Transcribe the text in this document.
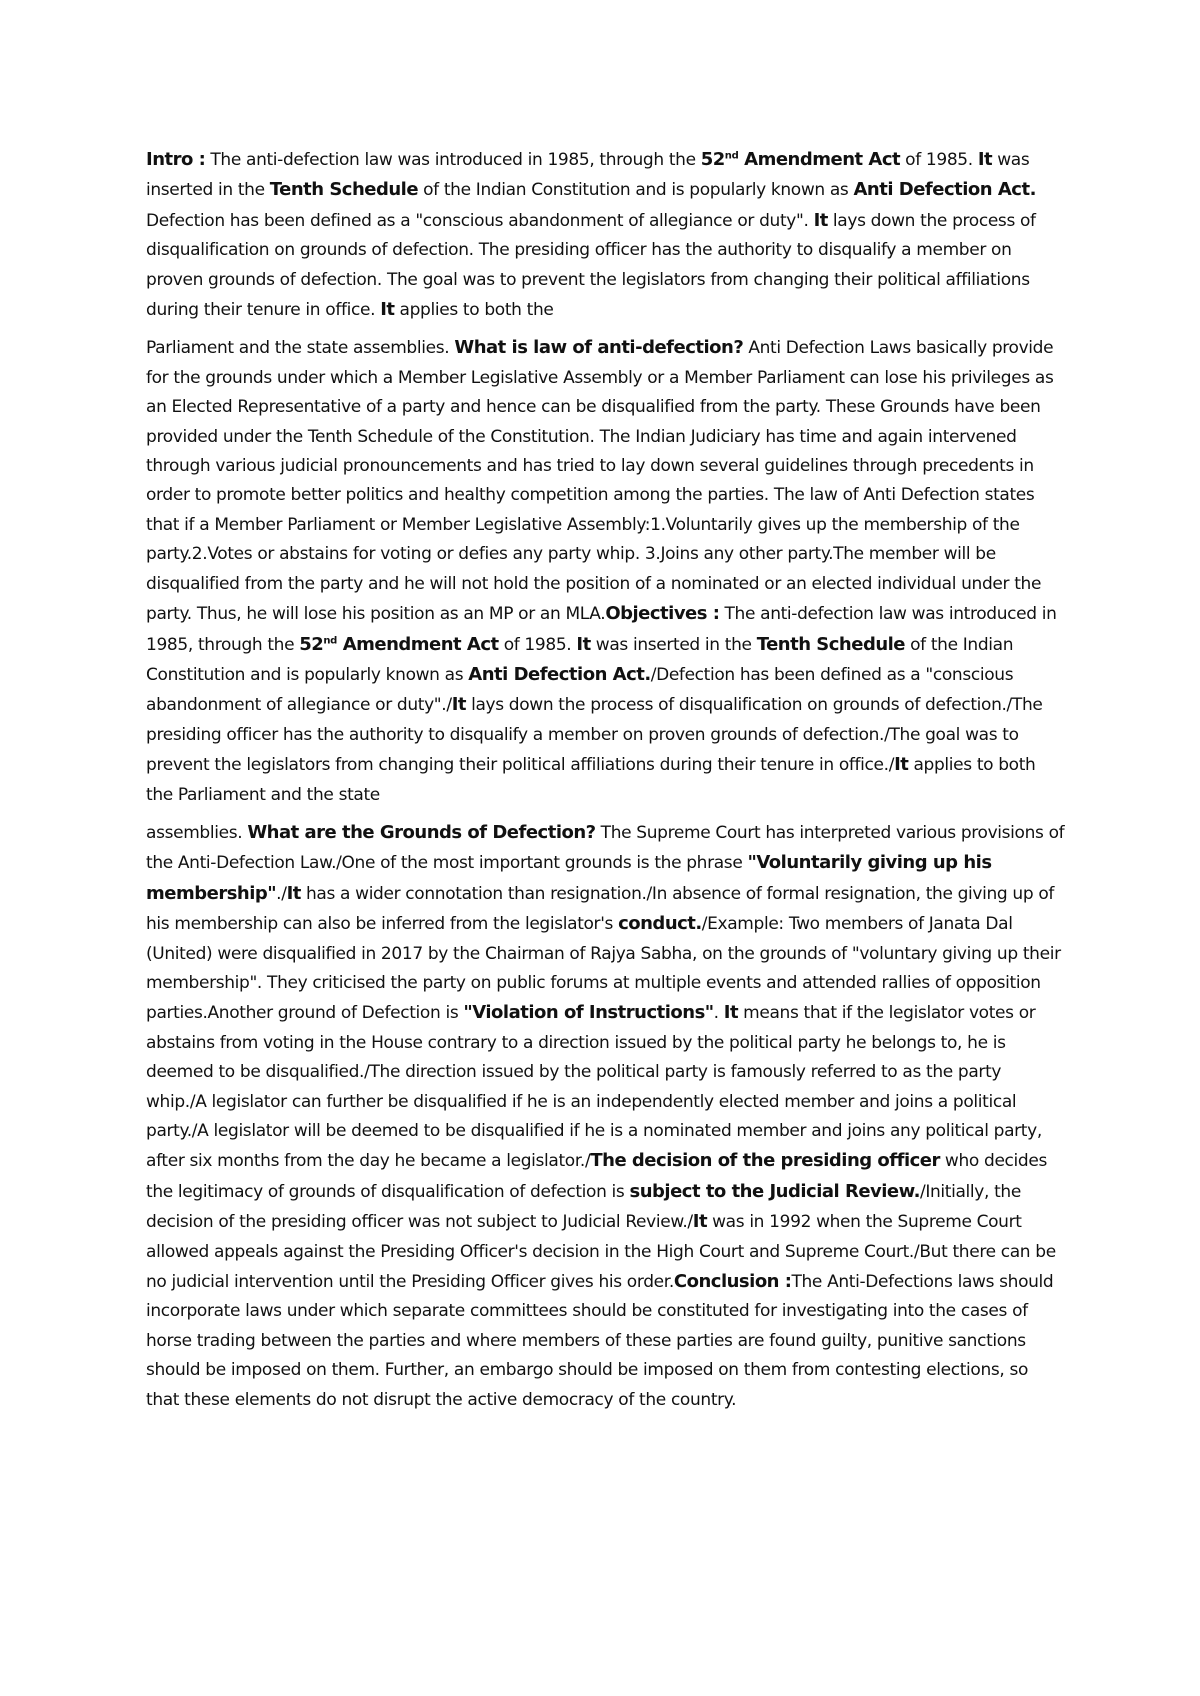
Intro : The anti-defection law was introduced in 1985, through the 52nd Amendment Act of 1985. It was inserted in the Tenth Schedule of the Indian Constitution and is popularly known as Anti Defection Act. Defection has been defined as a "conscious abandonment of allegiance or duty". It lays down the process of disqualification on grounds of defection. The presiding officer has the authority to disqualify a member on proven grounds of defection. The goal was to prevent the legislators from changing their political affiliations during their tenure in office. It applies to both the

Parliament and the state assemblies. What is law of anti-defection? Anti Defection Laws basically provide for the grounds under which a Member Legislative Assembly or a Member Parliament can lose his privileges as an Elected Representative of a party and hence can be disqualified from the party. These Grounds have been provided under the Tenth Schedule of the Constitution. The Indian Judiciary has time and again intervened through various judicial pronouncements and has tried to lay down several guidelines through precedents in order to promote better politics and healthy competition among the parties. The law of Anti Defection states that if a Member Parliament or Member Legislative Assembly:1.Voluntarily gives up the membership of the party.2.Votes or abstains for voting or defies any party whip. 3.Joins any other party.The member will be disqualified from the party and he will not hold the position of a nominated or an elected individual under the party. Thus, he will lose his position as an MP or an MLA.Objectives : The anti-defection law was introduced in 1985, through the 52nd Amendment Act of 1985. It was inserted in the Tenth Schedule of the Indian Constitution and is popularly known as Anti Defection Act./Defection has been defined as a "conscious abandonment of allegiance or duty"./It lays down the process of disqualification on grounds of defection./The presiding officer has the authority to disqualify a member on proven grounds of defection./The goal was to prevent the legislators from changing their political affiliations during their tenure in office./It applies to both the Parliament and the state

assemblies. What are the Grounds of Defection? The Supreme Court has interpreted various provisions of the Anti-Defection Law./One of the most important grounds is the phrase "Voluntarily giving up his membership"./It has a wider connotation than resignation./In absence of formal resignation, the giving up of his membership can also be inferred from the legislator's conduct./Example: Two members of Janata Dal (United) were disqualified in 2017 by the Chairman of Rajya Sabha, on the grounds of "voluntary giving up their membership". They criticised the party on public forums at multiple events and attended rallies of opposition parties.Another ground of Defection is "Violation of Instructions". It means that if the legislator votes or abstains from voting in the House contrary to a direction issued by the political party he belongs to, he is deemed to be disqualified./The direction issued by the political party is famously referred to as the party whip./A legislator can further be disqualified if he is an independently elected member and joins a political party./A legislator will be deemed to be disqualified if he is a nominated member and joins any political party, after six months from the day he became a legislator./The decision of the presiding officer who decides the legitimacy of grounds of disqualification of defection is subject to the Judicial Review./Initially, the decision of the presiding officer was not subject to Judicial Review./It was in 1992 when the Supreme Court allowed appeals against the Presiding Officer's decision in the High Court and Supreme Court./But there can be no judicial intervention until the Presiding Officer gives his order.Conclusion :The Anti-Defections laws should incorporate laws under which separate committees should be constituted for investigating into the cases of horse trading between the parties and where members of these parties are found guilty, punitive sanctions should be imposed on them. Further, an embargo should be imposed on them from contesting elections, so that these elements do not disrupt the active democracy of the country.
